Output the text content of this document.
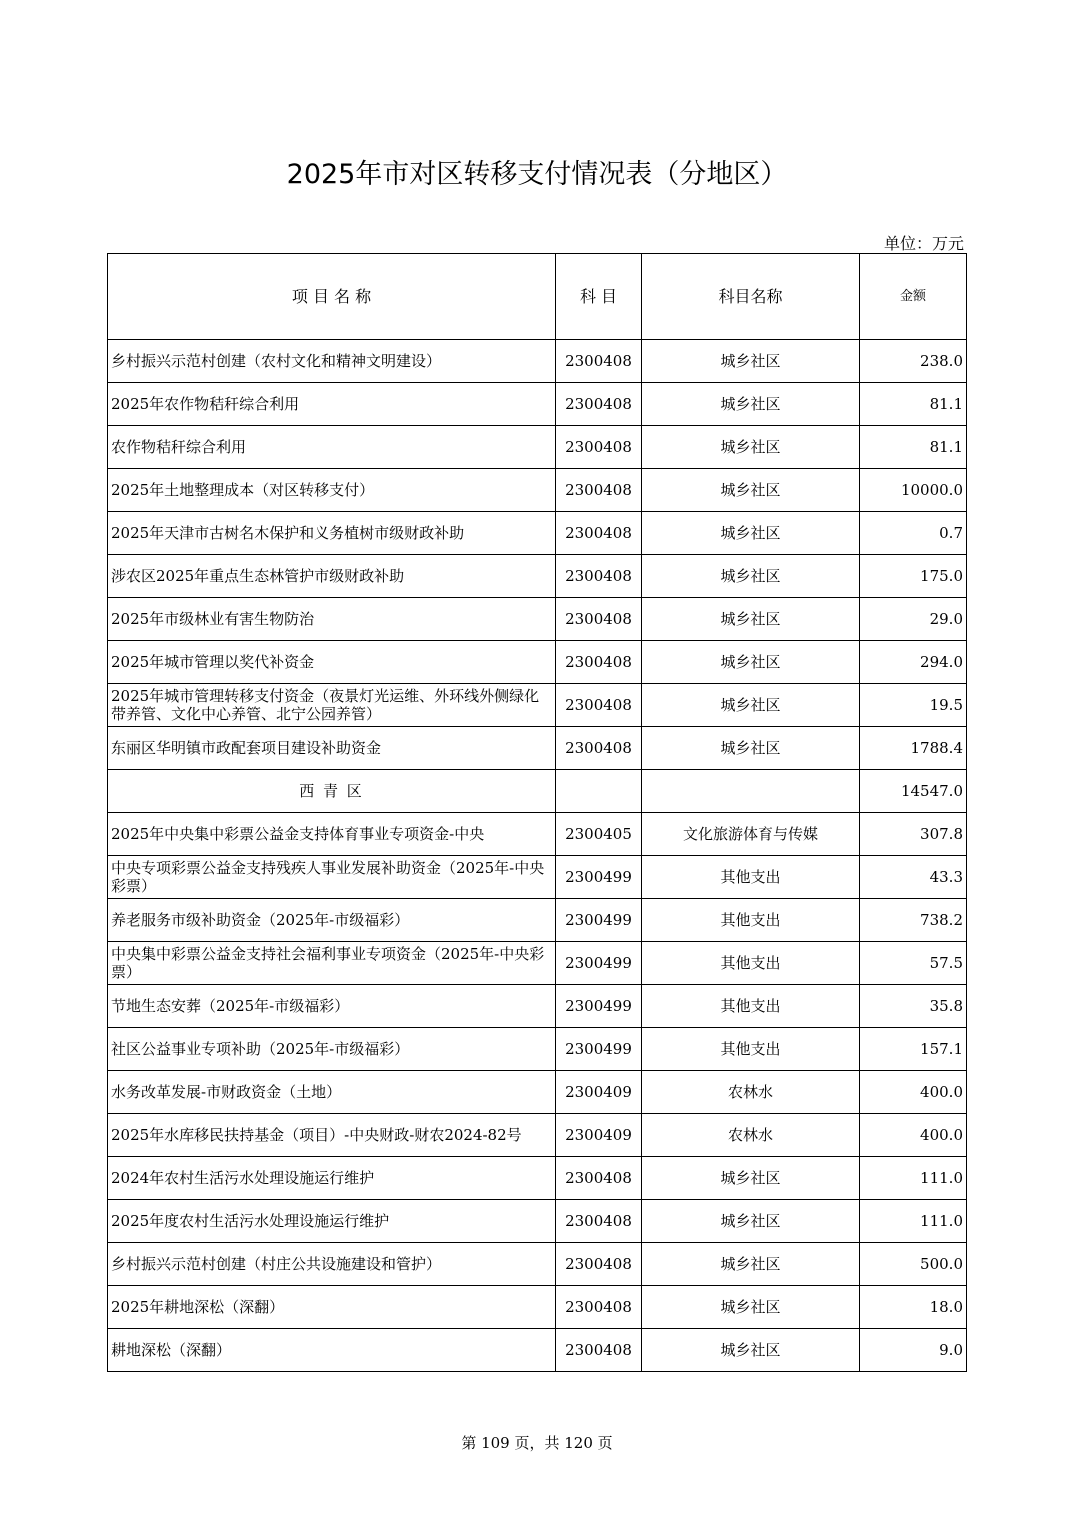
2025年市对区转移支付情况表（分地区）
单位：万元
项 目 名 称	科 目	科目名称	金额
乡村振兴示范村创建（农村文化和精神文明建设）	2300408	城乡社区	238.0
2025年农作物秸秆综合利用	2300408	城乡社区	81.1
农作物秸秆综合利用	2300408	城乡社区	81.1
2025年土地整理成本（对区转移支付）	2300408	城乡社区	10000.0
2025年天津市古树名木保护和义务植树市级财政补助	2300408	城乡社区	0.7
涉农区2025年重点生态林管护市级财政补助	2300408	城乡社区	175.0
2025年市级林业有害生物防治	2300408	城乡社区	29.0
2025年城市管理以奖代补资金	2300408	城乡社区	294.0
2025年城市管理转移支付资金（夜景灯光运维、外环线外侧绿化带养管、文化中心养管、北宁公园养管）	2300408	城乡社区	19.5
东丽区华明镇市政配套项目建设补助资金	2300408	城乡社区	1788.4
西 青 区			14547.0
2025年中央集中彩票公益金支持体育事业专项资金-中央	2300405	文化旅游体育与传媒	307.8
中央专项彩票公益金支持残疾人事业发展补助资金（2025年-中央彩票）	2300499	其他支出	43.3
养老服务市级补助资金（2025年-市级福彩）	2300499	其他支出	738.2
中央集中彩票公益金支持社会福利事业专项资金（2025年-中央彩票）	2300499	其他支出	57.5
节地生态安葬（2025年-市级福彩）	2300499	其他支出	35.8
社区公益事业专项补助（2025年-市级福彩）	2300499	其他支出	157.1
水务改革发展-市财政资金（土地）	2300409	农林水	400.0
2025年水库移民扶持基金（项目）-中央财政-财农2024-82号	2300409	农林水	400.0
2024年农村生活污水处理设施运行维护	2300408	城乡社区	111.0
2025年度农村生活污水处理设施运行维护	2300408	城乡社区	111.0
乡村振兴示范村创建（村庄公共设施建设和管护）	2300408	城乡社区	500.0
2025年耕地深松（深翻）	2300408	城乡社区	18.0
耕地深松（深翻）	2300408	城乡社区	9.0
第 109 页，共 120 页
